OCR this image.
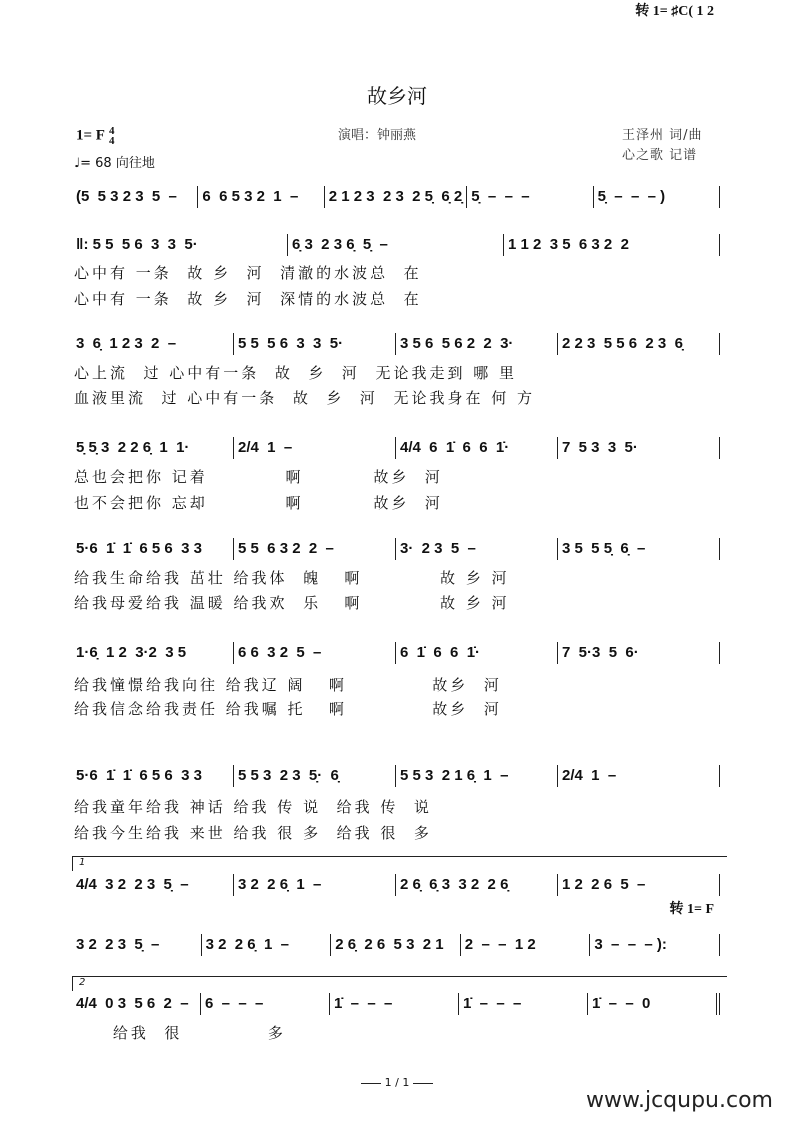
故乡河
1= F 4
4
♩= 68 向往地
演唱：钟丽燕	王泽州 词/曲
心之歌 记谱
(5  5 3 2 3  5  –	6  6 5 3 2  1  –	2 1 2 3  2 3  2 5̣  6̣ 2̣ 5̣  –  –  –	5̣  –  –  – )
‖: 5 5  5 6  3  3  5·	6̣ 3  2 3 6̣  5̣  –	1 1 2  3 5  6 3 2  2
心中有 一条  故 乡  河  清澈的水波总  在
心中有 一条  故 乡  河  深情的水波总  在
3  6̣  1 2 3  2  –	5 5  5 6  3  3  5·	3 5 6  5 6 2  2  3·	2 2 3  5 5 6  2 3  6̣
心上流  过 心中有一条  故  乡  河  无论我走到 哪 里
血液里流  过 心中有一条  故  乡  河  无论我身在 何 方
5̣ 5̣ 3  2 2 6̣  1  1·	2/4  1  –	4/4  6  1̇  6  6  1̇·	7  5 3  3  5·
总也会把你 记着          啊         故乡  河
也不会把你 忘却          啊         故乡  河
5·6  1̇  1̇  6 5 6  3 3	5 5  6 3 2  2  –	3·  2 3  5  –	3 5  5 5̣  6̣  –
给我生命给我 茁壮 给我体  魄   啊          故 乡 河
给我母爱给我 温暖 给我欢  乐   啊          故 乡 河
1·6̣  1 2  3·2  3 5	6 6  3 2  5  –	6  1̇  6  6  1̇·	7  5·3  5  6·
给我憧憬给我向往 给我辽 阔   啊           故乡  河
给我信念给我责任 给我嘱 托   啊           故乡  河
转 1= ♯C( 1 2
5·6  1̇  1̇  6 5 6  3 3	5 5 3  2 3  5̣·  6̣	5 5 3  2 1 6̣  1  –	2/4  1  –
给我童年给我 神话 给我 传 说  给我 传  说
给我今生给我 来世 给我 很 多  给我 很  多
1
4/4  3 2  2 3  5̣  –	3 2  2 6̣  1  –	2 6̣  6̣ 3  3 2  2 6̣	1 2  2 6  5  –
转 1= F
3 2  2 3  5̣  –	3 2  2 6̣  1  –	2 6̣  2 6  5 3  2 1	2  –  –  1 2	3  –  –  – ):
2
4/4  0 3  5 6  2  –	6  –  –  –	1̇  –  –  –	1̇  –  –  –	1̇  –  –  0
给我  很           多
1 / 1
www.jcqupu.com
